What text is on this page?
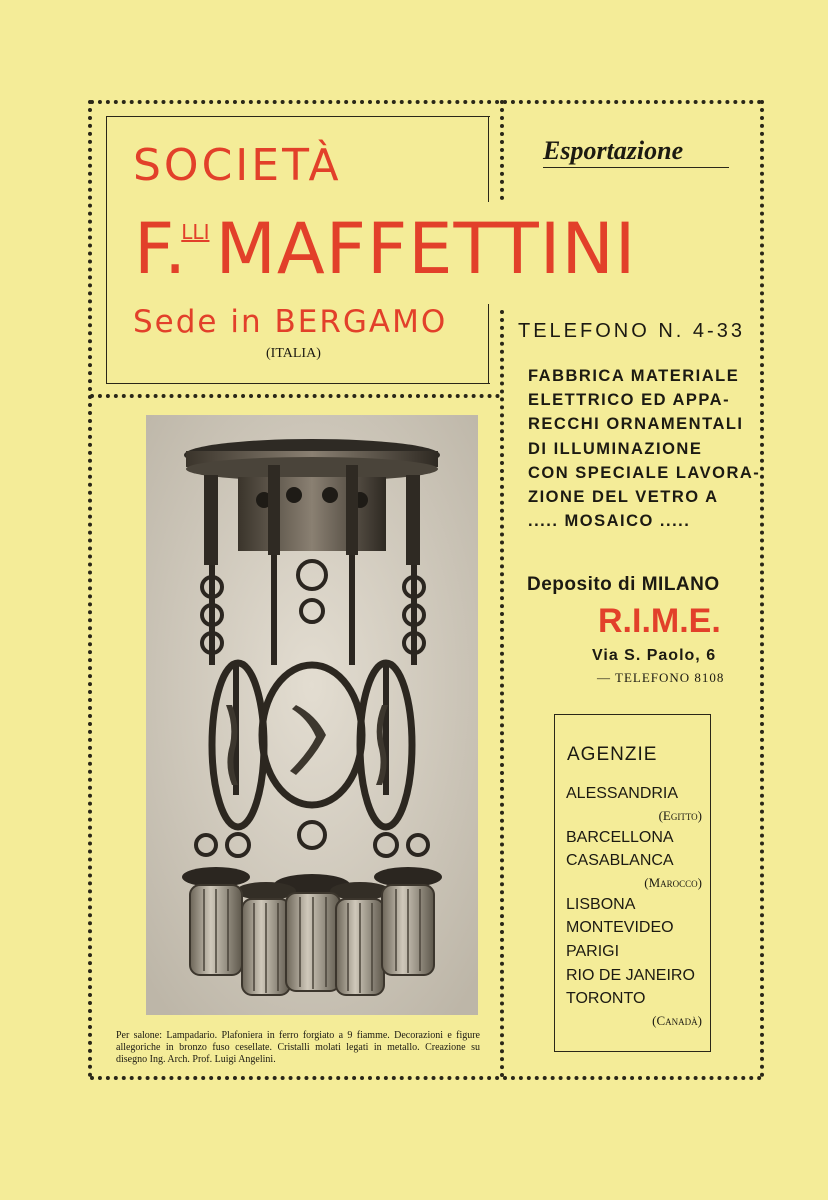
SOCIETÀ	Esportazione
F.$^{LLI}$MAFFETTINI
Sede in BERGAMO
(ITALIA)
TELEFONO N. 4-33
FABBRICA MATERIALE
ELETTRICO ED APPA-
RECCHI ORNAMENTALI
DI ILLUMINAZIONE
CON SPECIALE LAVORA-
ZIONE DEL VETRO A
..... MOSAICO .....
Deposito di MILANO
R.I.M.E.
Via S. Paolo, 6
— TELEFONO 8108
AGENZIE
ALESSANDRIA
(Egitto)
BARCELLONA
CASABLANCA
(Marocco)
LISBONA
MONTEVIDEO
PARIGI
RIO DE JANEIRO
TORONTO
(Canadà)
Per salone: Lampadario. Plafoniera in ferro forgiato a 9 fiamme. Decorazioni e figure allegoriche in bronzo fuso cesellate. Cristalli molati legati in metallo. Creazione su disegno Ing. Arch. Prof. Luigi Angelini.
